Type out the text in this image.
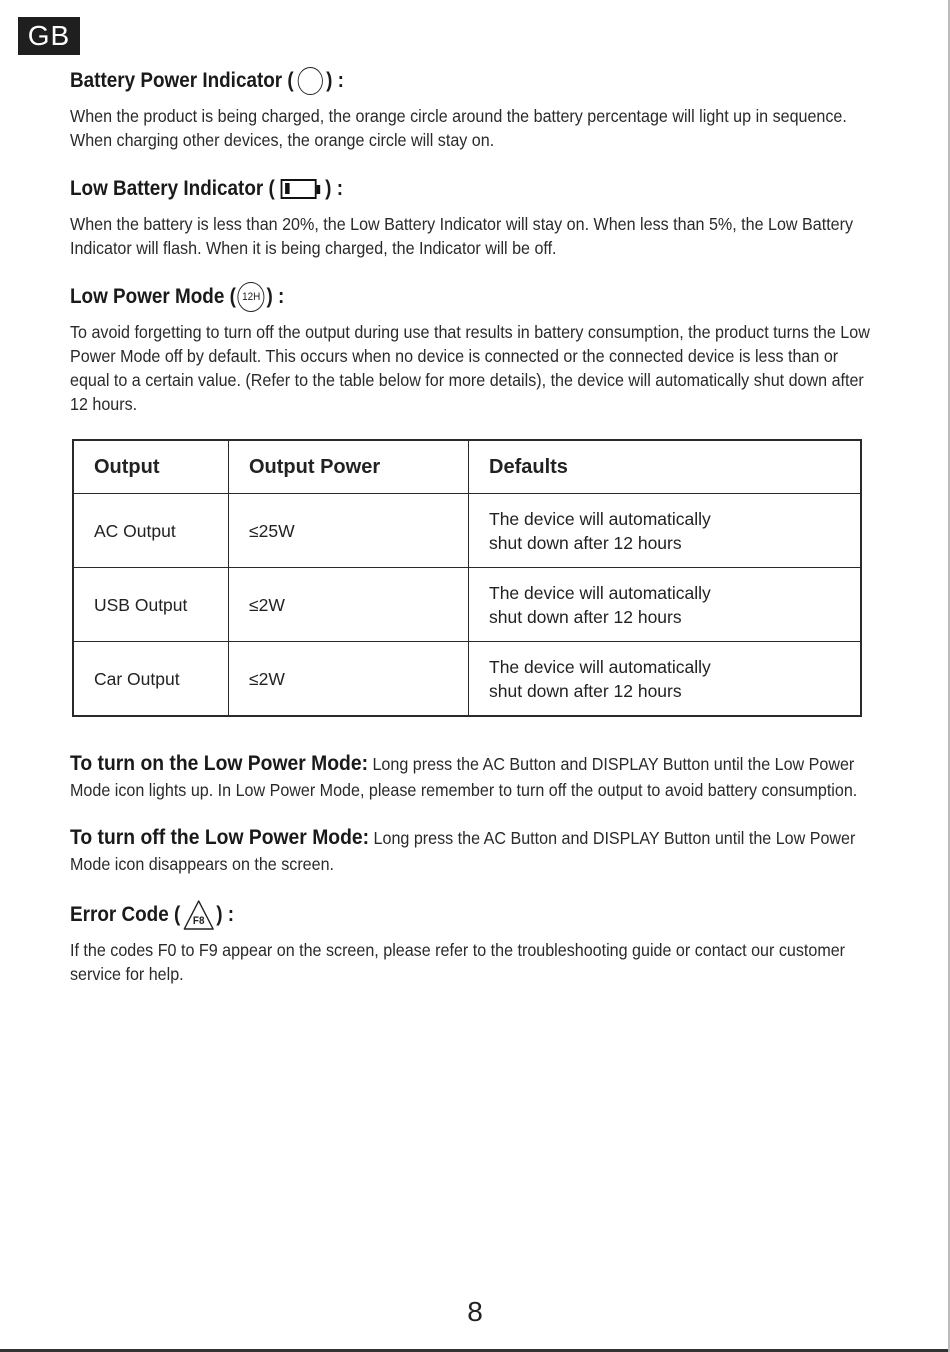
GB
Battery Power Indicator ( ) :

When the product is being charged, the orange circle around the battery percentage will light up in sequence. When charging other devices, the orange circle will stay on.

Low Battery Indicator ( ) :

When the battery is less than 20%, the Low Battery Indicator will stay on. When less than 5%, the Low Battery Indicator will flash. When it is being charged, the Indicator will be off.

Low Power Mode ( 12H ) :

To avoid forgetting to turn off the output during use that results in battery consumption, the product turns the Low Power Mode off by default. This occurs when no device is connected or the connected device is less than or equal to a certain value. (Refer to the table below for more details), the device will automatically shut down after 12 hours.

Output	Output Power	Defaults
AC Output	≤25W	The device will automatically shut down after 12 hours

USB Output	≤2W	The device will automatically shut down after 12 hours

Car Output	≤2W	The device will automatically shut down after 12 hours
To turn on the Low Power Mode: Long press the AC Button and DISPLAY Button until the Low Power Mode icon lights up. In Low Power Mode, please remember to turn off the output to avoid battery consumption.
To turn off the Low Power Mode: Long press the AC Button and DISPLAY Button until the Low Power Mode icon disappears on the screen.
Error Code ( F8 ) :

If the codes F0 to F9 appear on the screen, please refer to the troubleshooting guide or contact our customer service for help.

8
